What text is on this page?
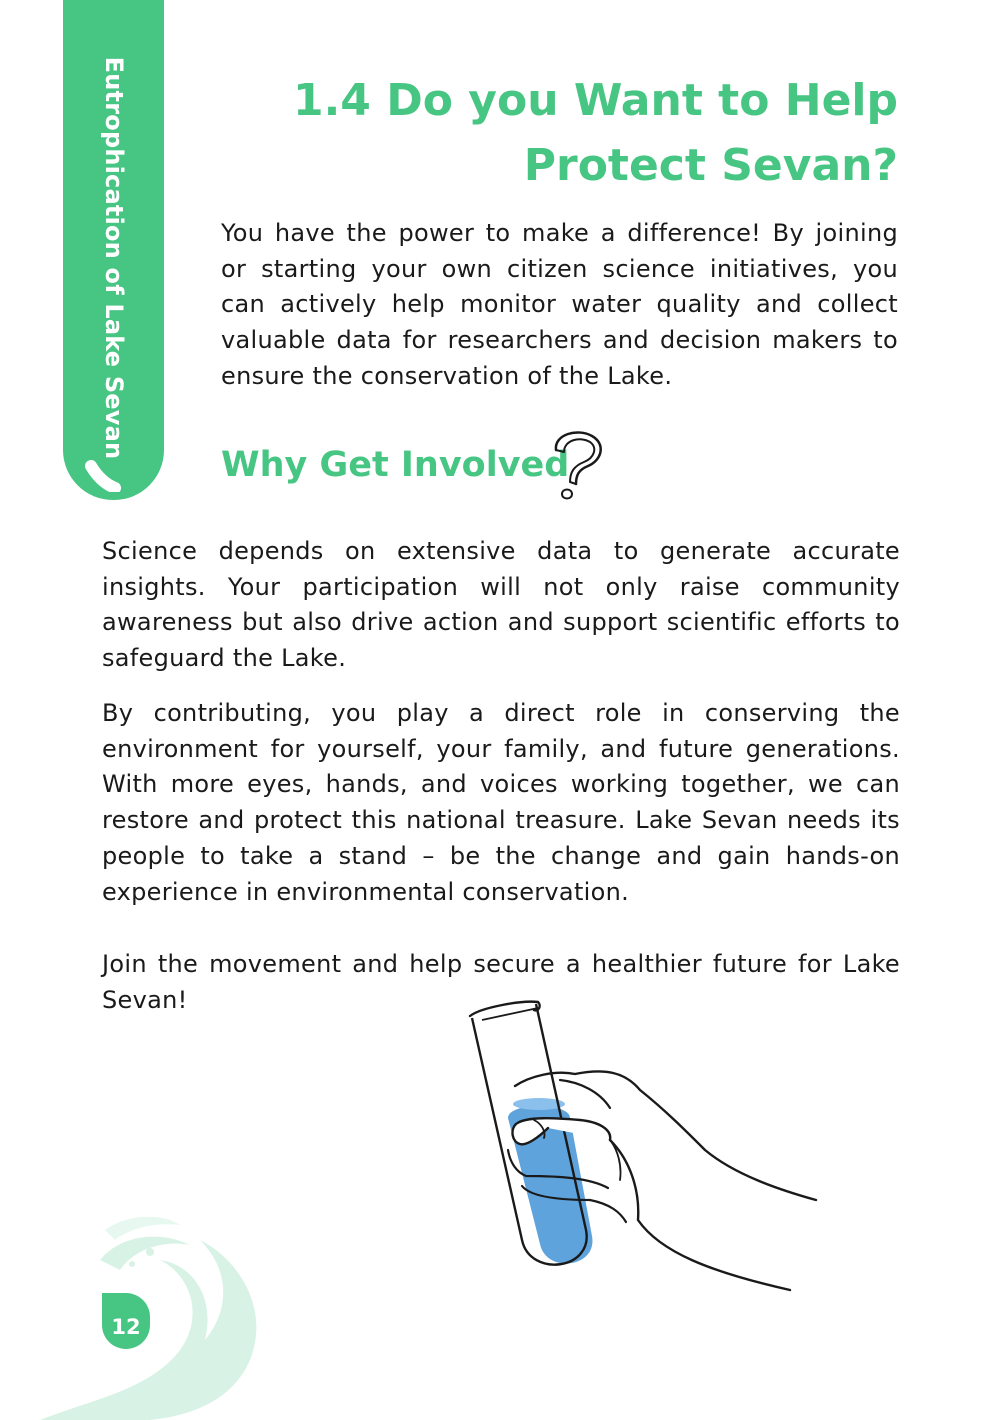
Eutrophication of Lake Sevan	1.4 Do you Want to Help Protect Sevan?

You have the power to make a difference! By joining or starting your own citizen science initiatives, you can actively help monitor water quality and collect valuable data for researchers and decision makers to ensure the conservation of the Lake.

Why Get Involved

Science depends on extensive data to generate accurate insights. Your participation will not only raise community awareness but also drive action and support scientific efforts to safeguard the Lake.

By contributing, you play a direct role in conserving the environment for yourself, your family, and future generations. With more eyes, hands, and voices working together, we can restore and protect this national treasure. Lake Sevan needs its people to take a stand – be the change and gain hands-on experience in environmental conservation.

Join the movement and help secure a healthier future for Lake Sevan!

12
